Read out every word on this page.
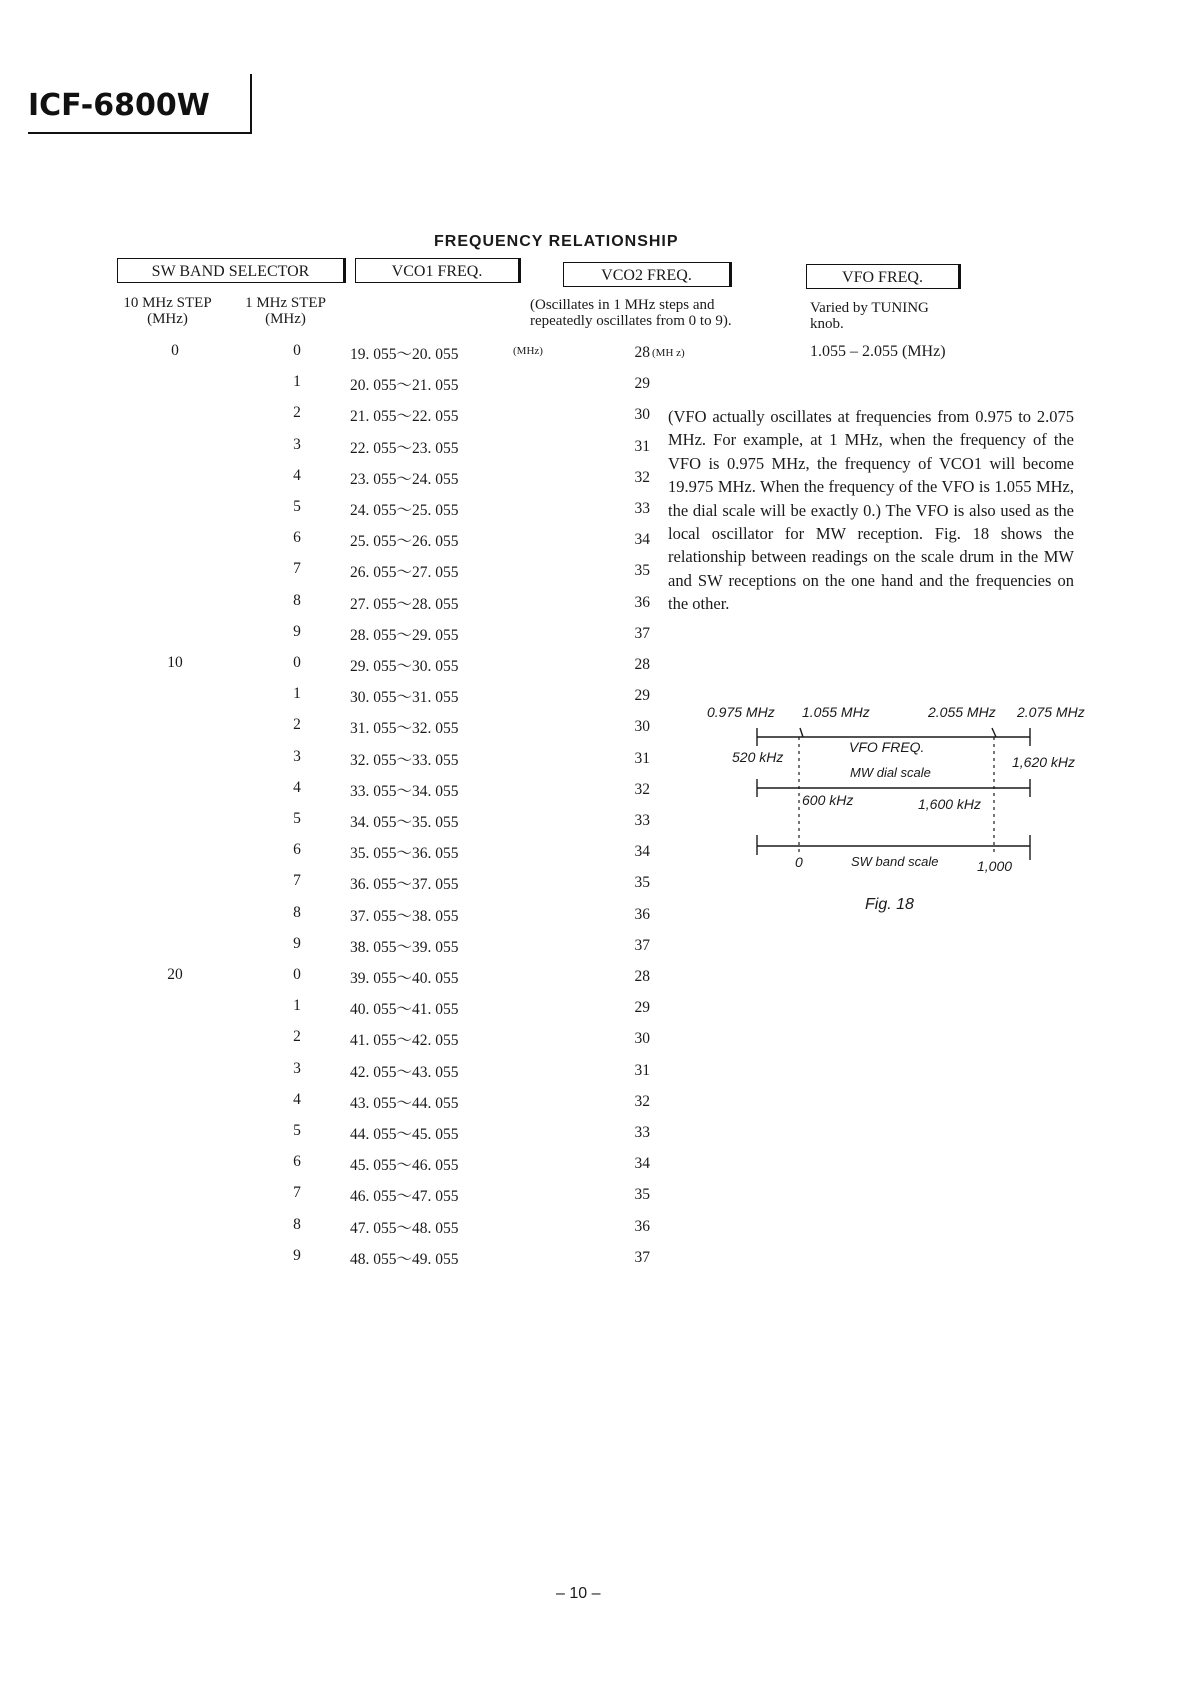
ICF-6800W
FREQUENCY RELATIONSHIP
SW BAND SELECTOR	VCO1 FREQ.	VCO2 FREQ.	VFO FREQ.
10 MHz STEP
(MHz)
1 MHz STEP
(MHz)
(Oscillates in 1 MHz steps and
repeatedly oscillates from 0 to 9).
Varied by TUNING
knob.
0	0	19. 055～20. 055	28
(MHz)	(MH z)
1	20. 055～21. 055	29
2	21. 055～22. 055	30
3	22. 055～23. 055	31
4	23. 055～24. 055	32
5	24. 055～25. 055	33
6	25. 055～26. 055	34
7	26. 055～27. 055	35
8	27. 055～28. 055	36
9	28. 055～29. 055	37
10	0	29. 055～30. 055	28
1	30. 055～31. 055	29
2	31. 055～32. 055	30
3	32. 055～33. 055	31
4	33. 055～34. 055	32
5	34. 055～35. 055	33
6	35. 055～36. 055	34
7	36. 055～37. 055	35
8	37. 055～38. 055	36
9	38. 055～39. 055	37
20	0	39. 055～40. 055	28
1	40. 055～41. 055	29
2	41. 055～42. 055	30
3	42. 055～43. 055	31
4	43. 055～44. 055	32
5	44. 055～45. 055	33
6	45. 055～46. 055	34
7	46. 055～47. 055	35
8	47. 055～48. 055	36
9	48. 055～49. 055	37
1.055 – 2.055 (MHz)
(VFO actually oscillates at frequencies from 0.975 to 2.075 MHz. For example, at 1 MHz, when the frequency of the VFO is 0.975 MHz, the frequency of VCO1 will become 19.975 MHz. When the frequency of the VFO is 1.055 MHz, the dial scale will be exactly 0.) The VFO is also used as the local oscillator for MW reception. Fig. 18 shows the relationship between readings on the scale drum in the MW and SW receptions on the one hand and the frequencies on the other.
0.975 MHz 1.055 MHz	2.055 MHz 2.075 MHz
VFO FREQ.
MW dial scale
520 kHz	1,620 kHz
600 kHz	1,600 kHz
0	SW band scale	1,000
Fig. 18
– 10 –
